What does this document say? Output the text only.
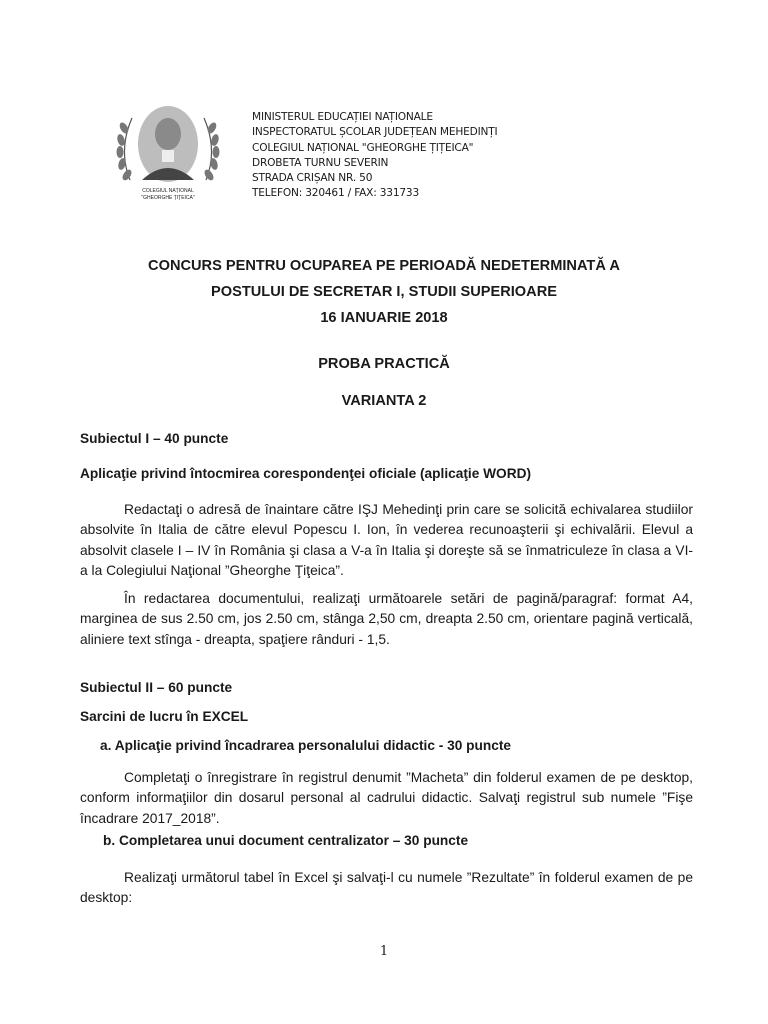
COLEGIUL NAȚIONAL
"GHEORGHE ȚIȚEICA"
MINISTERUL EDUCAȚIEI NAȚIONALE
INSPECTORATUL ȘCOLAR JUDEȚEAN MEHEDINȚI
COLEGIUL NAȚIONAL "GHEORGHE ȚIȚEICA"
DROBETA TURNU SEVERIN
STRADA CRIȘAN NR. 50
TELEFON: 320461 / FAX: 331733
CONCURS PENTRU OCUPAREA PE PERIOADĂ NEDETERMINATĂ A
POSTULUI DE SECRETAR I, STUDII SUPERIOARE
16 IANUARIE 2018
PROBA PRACTICĂ
VARIANTA 2
Subiectul I – 40 puncte
Aplicaţie privind întocmirea corespondenţei oficiale (aplicaţie WORD)

Redactaţi o adresă de înaintare către IŞJ Mehedinţi prin care se solicită echivalarea studiilor absolvite în Italia de către elevul Popescu I. Ion, în vederea recunoaşterii şi echivalării. Elevul a absolvit clasele I – IV în România şi clasa a V-a în Italia şi doreşte să se înmatriculeze în clasa a VI-a la Colegiului Naţional ”Gheorghe Ţiţeica”.

În redactarea documentului, realizaţi următoarele setări de pagină/paragraf: format A4, marginea de sus 2.50 cm, jos 2.50 cm, stânga 2,50 cm, dreapta 2.50 cm, orientare pagină verticală, aliniere text stînga - dreapta, spaţiere rânduri - 1,5.

Subiectul II – 60 puncte
Sarcini de lucru în EXCEL
a. Aplicaţie privind încadrarea personalului didactic - 30 puncte

Completaţi o înregistrare în registrul denumit ”Macheta” din folderul examen de pe desktop, conform informaţiilor din dosarul personal al cadrului didactic. Salvaţi registrul sub numele ”Fişe încadrare 2017_2018”.

b. Completarea unui document centralizator – 30 puncte

Realizaţi următorul tabel în Excel şi salvaţi-l cu numele ”Rezultate” în folderul examen de pe desktop:

1
